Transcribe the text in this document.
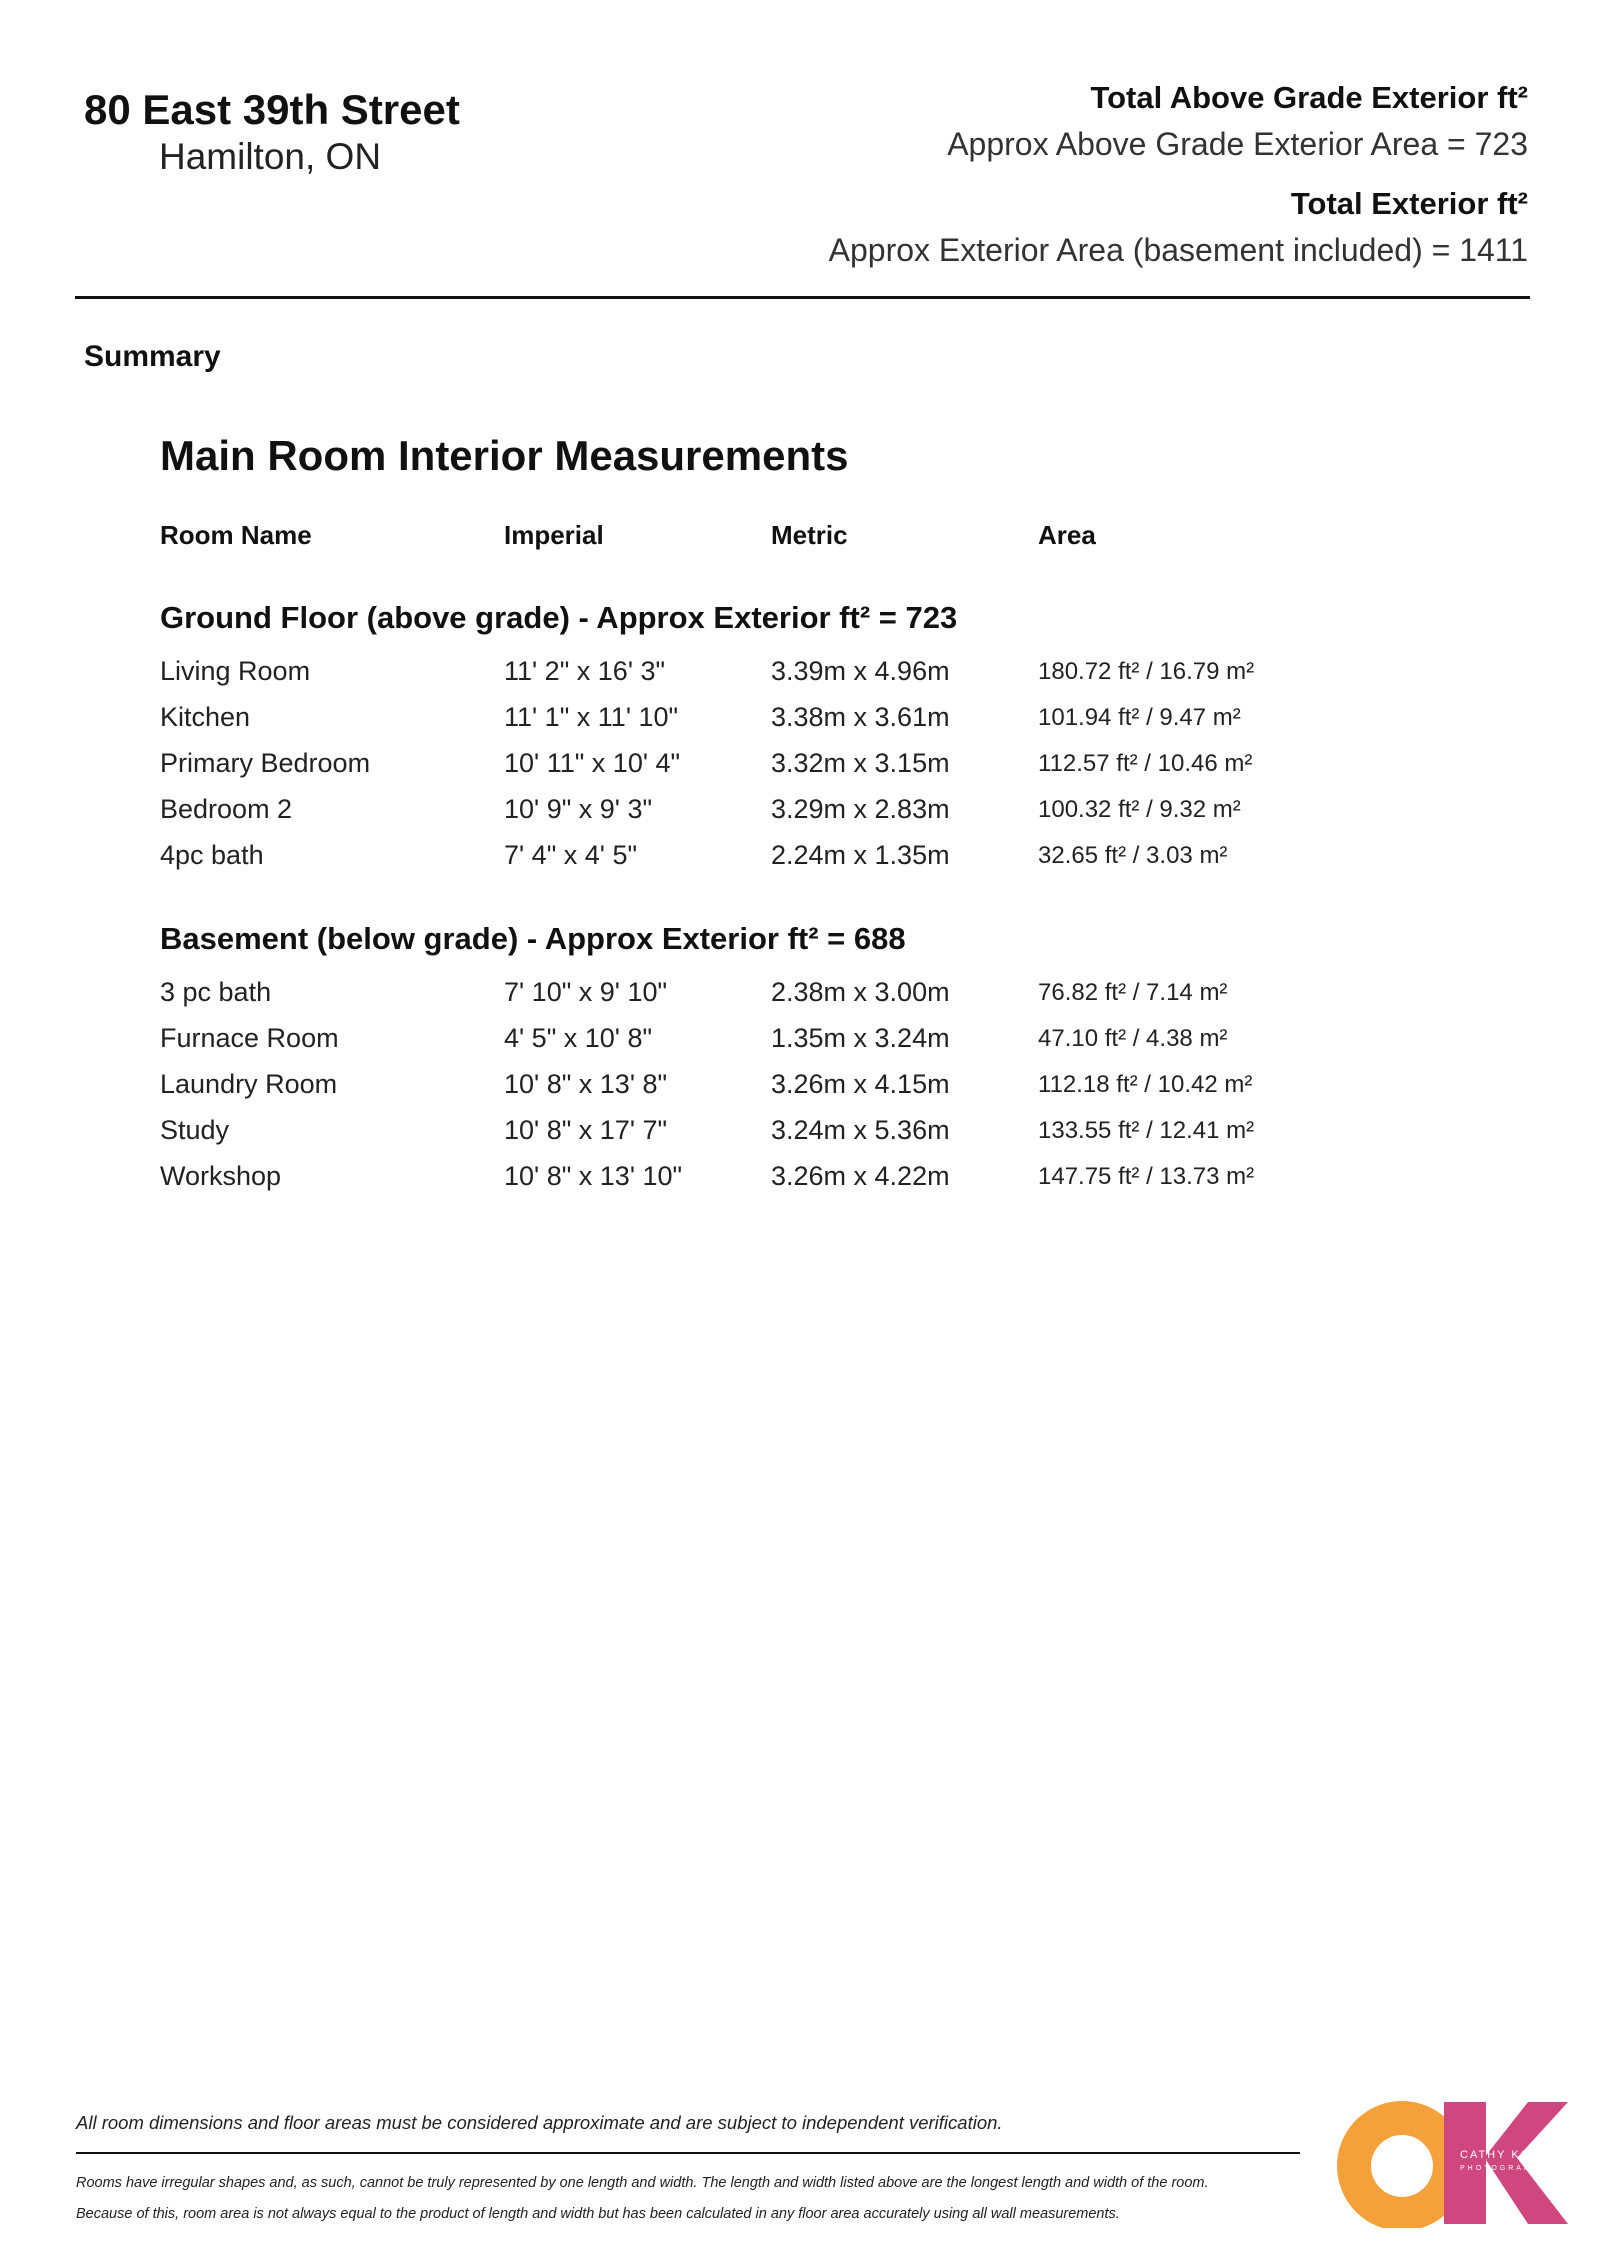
80 East 39th Street
Hamilton, ON
Total Above Grade Exterior ft²
Approx Above Grade Exterior Area = 723
Total Exterior ft²
Approx Exterior Area (basement included) = 1411
Summary
Main Room Interior Measurements
Room Name	Imperial	Metric	Area
Ground Floor (above grade) - Approx Exterior ft² = 723
Living Room	11' 2" x 16' 3"	3.39m x 4.96m	180.72 ft² / 16.79 m²
Kitchen	11' 1" x 11' 10"	3.38m x 3.61m	101.94 ft² / 9.47 m²
Primary Bedroom	10' 11" x 10' 4"	3.32m x 3.15m	112.57 ft² / 10.46 m²
Bedroom 2	10' 9" x 9' 3"	3.29m x 2.83m	100.32 ft² / 9.32 m²
4pc bath	7' 4" x 4' 5"	2.24m x 1.35m	32.65 ft² / 3.03 m²
Basement (below grade) - Approx Exterior ft² = 688
3 pc bath	7' 10" x 9' 10"	2.38m x 3.00m	76.82 ft² / 7.14 m²
Furnace Room	4' 5" x 10' 8"	1.35m x 3.24m	47.10 ft² / 4.38 m²
Laundry Room	10' 8" x 13' 8"	3.26m x 4.15m	112.18 ft² / 10.42 m²
Study	10' 8" x 17' 7"	3.24m x 5.36m	133.55 ft² / 12.41 m²
Workshop	10' 8" x 13' 10"	3.26m x 4.22m	147.75 ft² / 13.73 m²
All room dimensions and floor areas must be considered approximate and are subject to independent verification.
Rooms have irregular shapes and, as such, cannot be truly represented by one length and width. The length and width listed above are the longest length and width of the room.
Because of this, room area is not always equal to the product of length and width but has been calculated in any floor area accurately using all wall measurements.
CATHY KOOP
PHOTOGRAPHY
